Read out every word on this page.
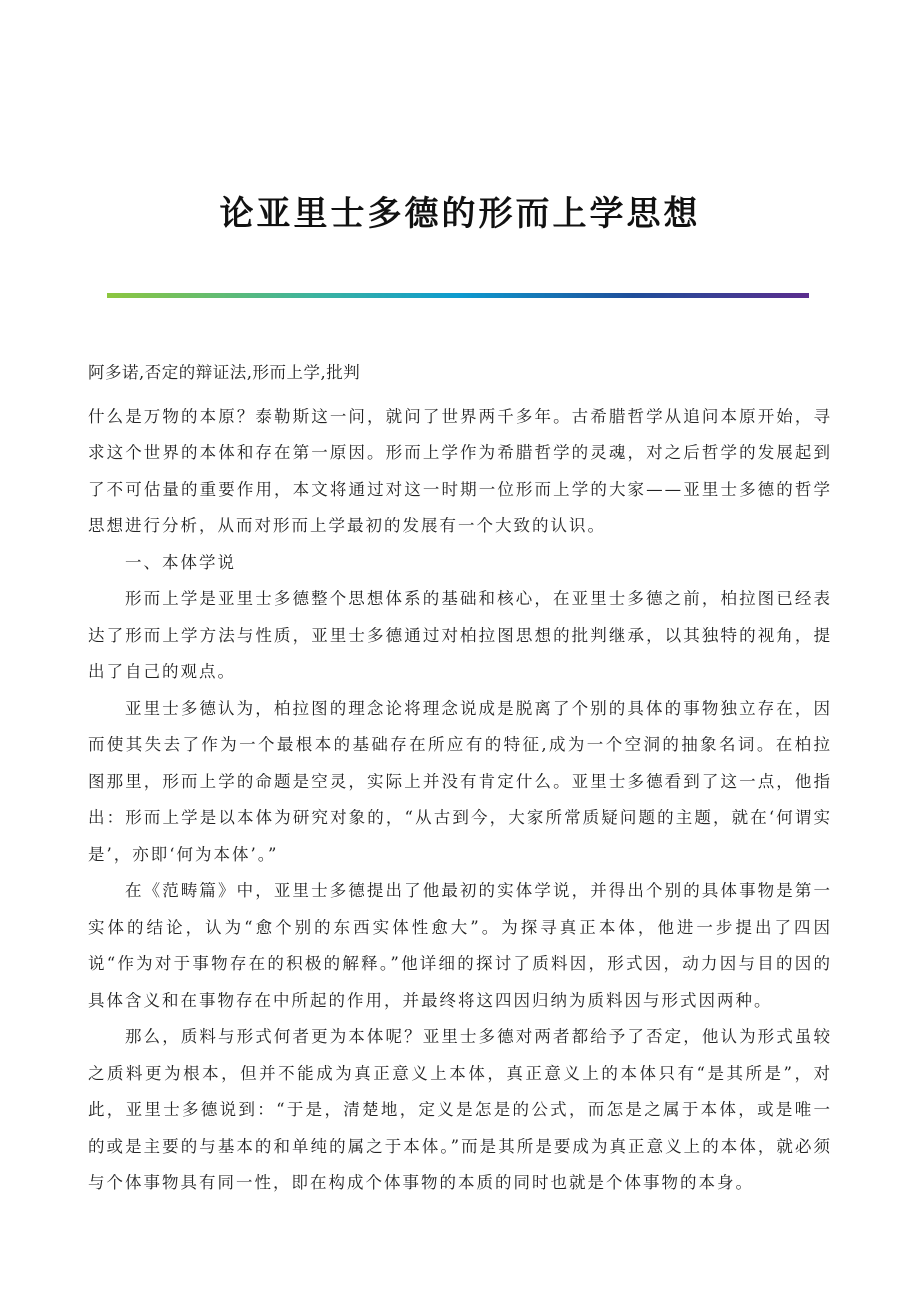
论亚里士多德的形而上学思想

阿多诺,否定的辩证法,形而上学,批判

什么是万物的本原？泰勒斯这一问，就问了世界两千多年。古希腊哲学从追问本原开始，寻求这个世界的本体和存在第一原因。形而上学作为希腊哲学的灵魂，对之后哲学的发展起到了不可估量的重要作用，本文将通过对这一时期一位形而上学的大家——亚里士多德的哲学思想进行分析，从而对形而上学最初的发展有一个大致的认识。

一、本体学说

形而上学是亚里士多德整个思想体系的基础和核心，在亚里士多德之前，柏拉图已经表达了形而上学方法与性质，亚里士多德通过对柏拉图思想的批判继承，以其独特的视角，提出了自己的观点。

亚里士多德认为，柏拉图的理念论将理念说成是脱离了个别的具体的事物独立存在，因而使其失去了作为一个最根本的基础存在所应有的特征,成为一个空洞的抽象名词。在柏拉图那里，形而上学的命题是空灵，实际上并没有肯定什么。亚里士多德看到了这一点，他指出：形而上学是以本体为研究对象的，“从古到今，大家所常质疑问题的主题，就在‘何谓实是’，亦即‘何为本体’。”

在《范畴篇》中，亚里士多德提出了他最初的实体学说，并得出个别的具体事物是第一实体的结论，认为“愈个别的东西实体性愈大”。为探寻真正本体，他进一步提出了四因说“作为对于事物存在的积极的解释。”他详细的探讨了质料因，形式因，动力因与目的因的具体含义和在事物存在中所起的作用，并最终将这四因归纳为质料因与形式因两种。

那么，质料与形式何者更为本体呢？亚里士多德对两者都给予了否定，他认为形式虽较之质料更为根本，但并不能成为真正意义上本体，真正意义上的本体只有“是其所是”，对此，亚里士多德说到：“于是，清楚地，定义是怎是的公式，而怎是之属于本体，或是唯一的或是主要的与基本的和单纯的属之于本体。”而是其所是要成为真正意义上的本体，就必须与个体事物具有同一性，即在构成个体事物的本质的同时也就是个体事物的本身。
